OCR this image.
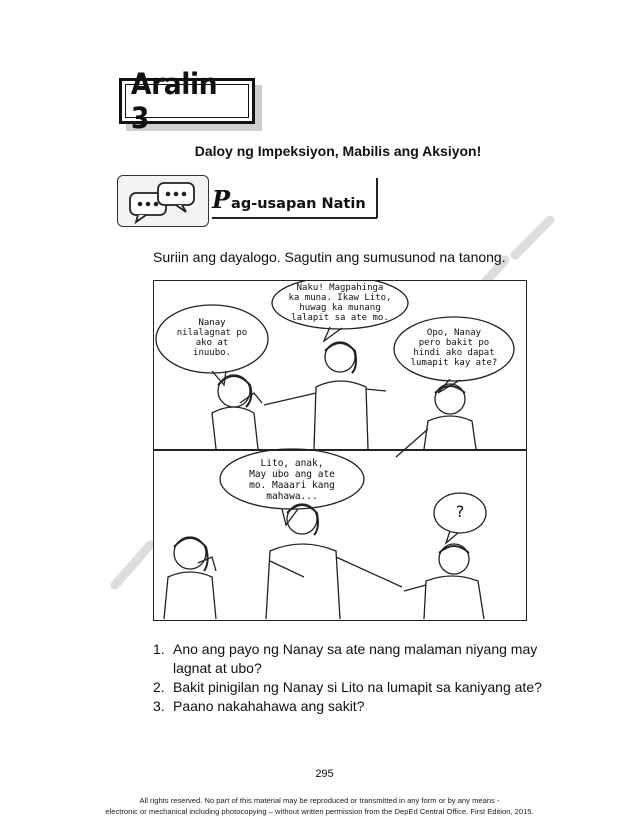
Aralin 3
Daloy ng Impeksiyon, Mabilis ang Aksiyon!
P ag-usapan Natin
Suriin ang dayalogo. Sagutin ang sumusunod na tanong.
Nanay
nilalagnat po
ako at
inuubo.
Naku! Magpahinga
ka muna. Ikaw Lito,
huwag ka munang
lalapit sa ate mo.
Opo, Nanay
pero bakit po
hindi ako dapat
lumapit kay ate?
Lito, anak,
May ubo ang ate
mo. Maaari kang
mahawa...
?
1. Ano ang payo ng Nanay sa ate nang malaman niyang may
lagnat at ubo?
2. Bakit pinigilan ng Nanay si Lito na lumapit sa kaniyang ate?
3. Paano nakahahawa ang sakit?
295
All rights reserved. No part of this material may be reproduced or transmitted in any form or by any means -
electronic or mechanical including photocopying – without written permission from the DepEd Central Office. First Edition, 2015.
